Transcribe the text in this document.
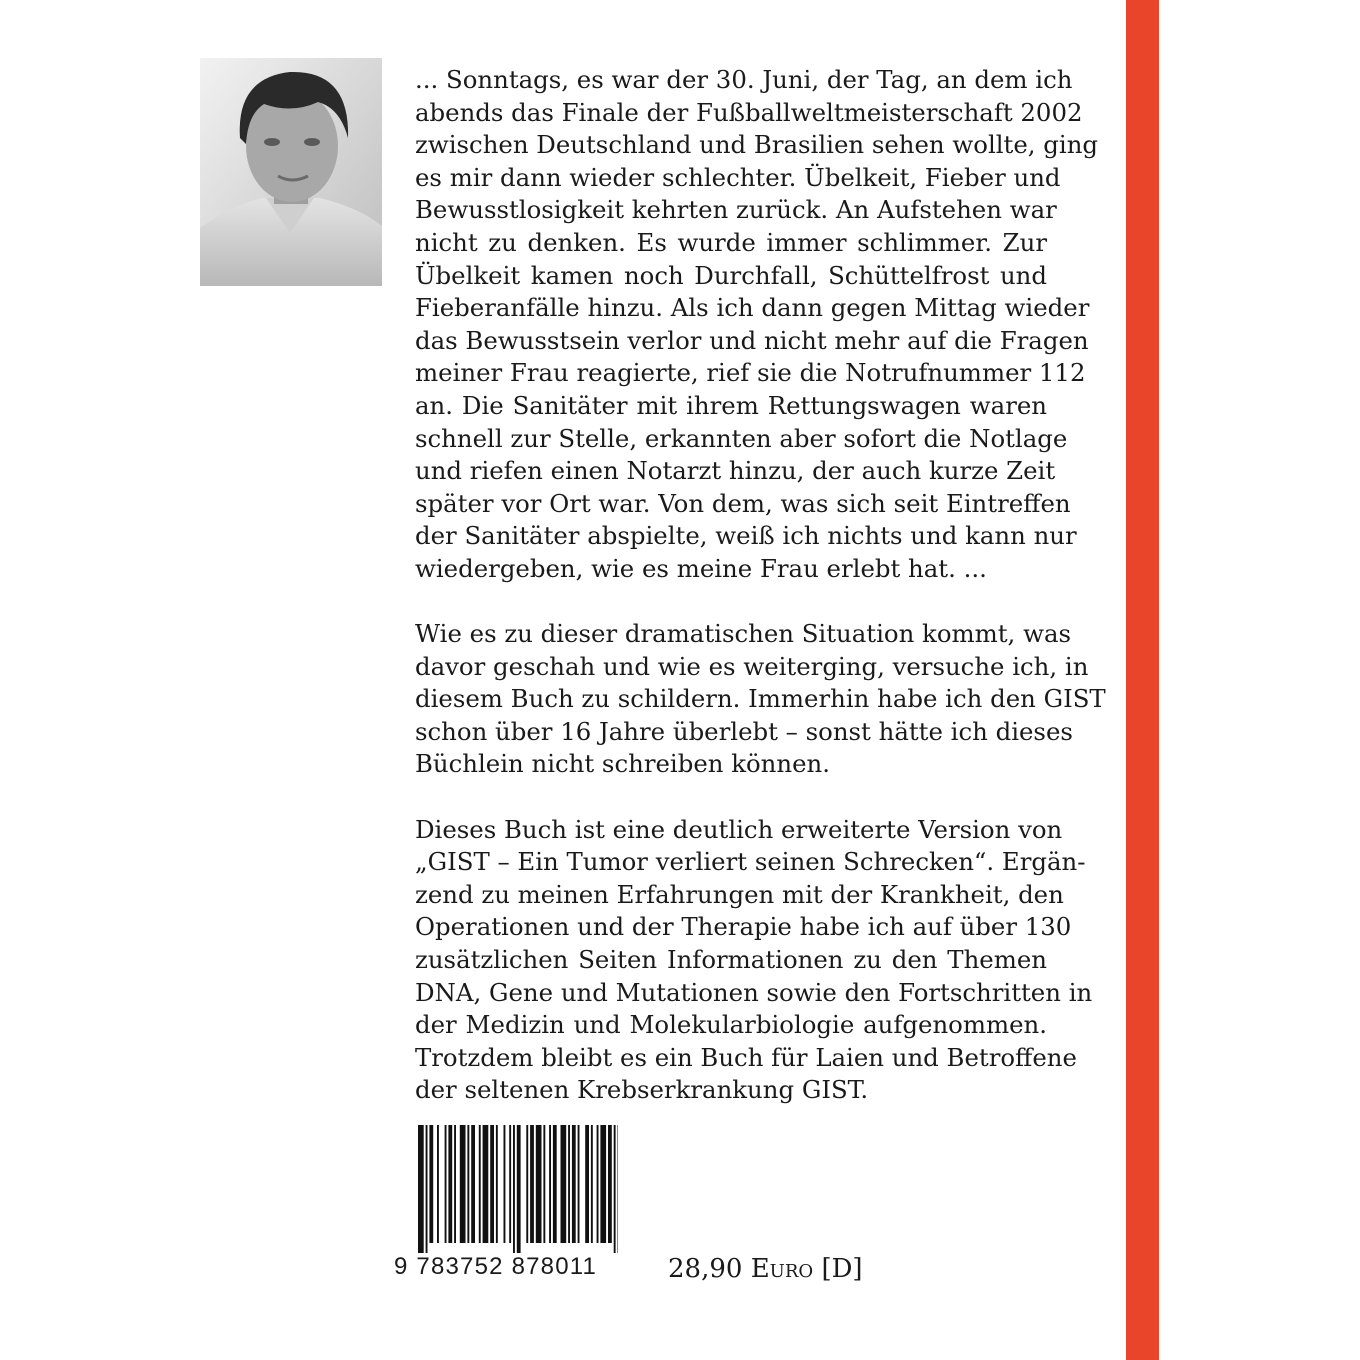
... Sonntags, es war der 30. Juni, der Tag, an dem ich
abends das Finale der Fußballweltmeisterschaft 2002
zwischen Deutschland und Brasilien sehen wollte, ging
es mir dann wieder schlechter. Übelkeit, Fieber und
Bewusstlosigkeit kehrten zurück. An Aufstehen war
nicht zu denken. Es wurde immer schlimmer. Zur
Übelkeit kamen noch Durchfall, Schüttelfrost und
Fieberanfälle hinzu. Als ich dann gegen Mittag wieder
das Bewusstsein verlor und nicht mehr auf die Fragen
meiner Frau reagierte, rief sie die Notrufnummer 112
an. Die Sanitäter mit ihrem Rettungswagen waren
schnell zur Stelle, erkannten aber sofort die Notlage
und riefen einen Notarzt hinzu, der auch kurze Zeit
später vor Ort war. Von dem, was sich seit Eintreffen
der Sanitäter abspielte, weiß ich nichts und kann nur
wiedergeben, wie es meine Frau erlebt hat. ...

Wie es zu dieser dramatischen Situation kommt, was
davor geschah und wie es weiterging, versuche ich, in
diesem Buch zu schildern. Immerhin habe ich den GIST
schon über 16 Jahre überlebt – sonst hätte ich dieses
Büchlein nicht schreiben können.

Dieses Buch ist eine deutlich erweiterte Version von
„GIST – Ein Tumor verliert seinen Schrecken“. Ergän-
zend zu meinen Erfahrungen mit der Krankheit, den
Operationen und der Therapie habe ich auf über 130
zusätzlichen Seiten Informationen zu den Themen
DNA, Gene und Mutationen sowie den Fortschritten in
der Medizin und Molekularbiologie aufgenommen.
Trotzdem bleibt es ein Buch für Laien und Betroffene
der seltenen Krebserkrankung GIST.

9 783752 878011	28,90 Euro [D]
